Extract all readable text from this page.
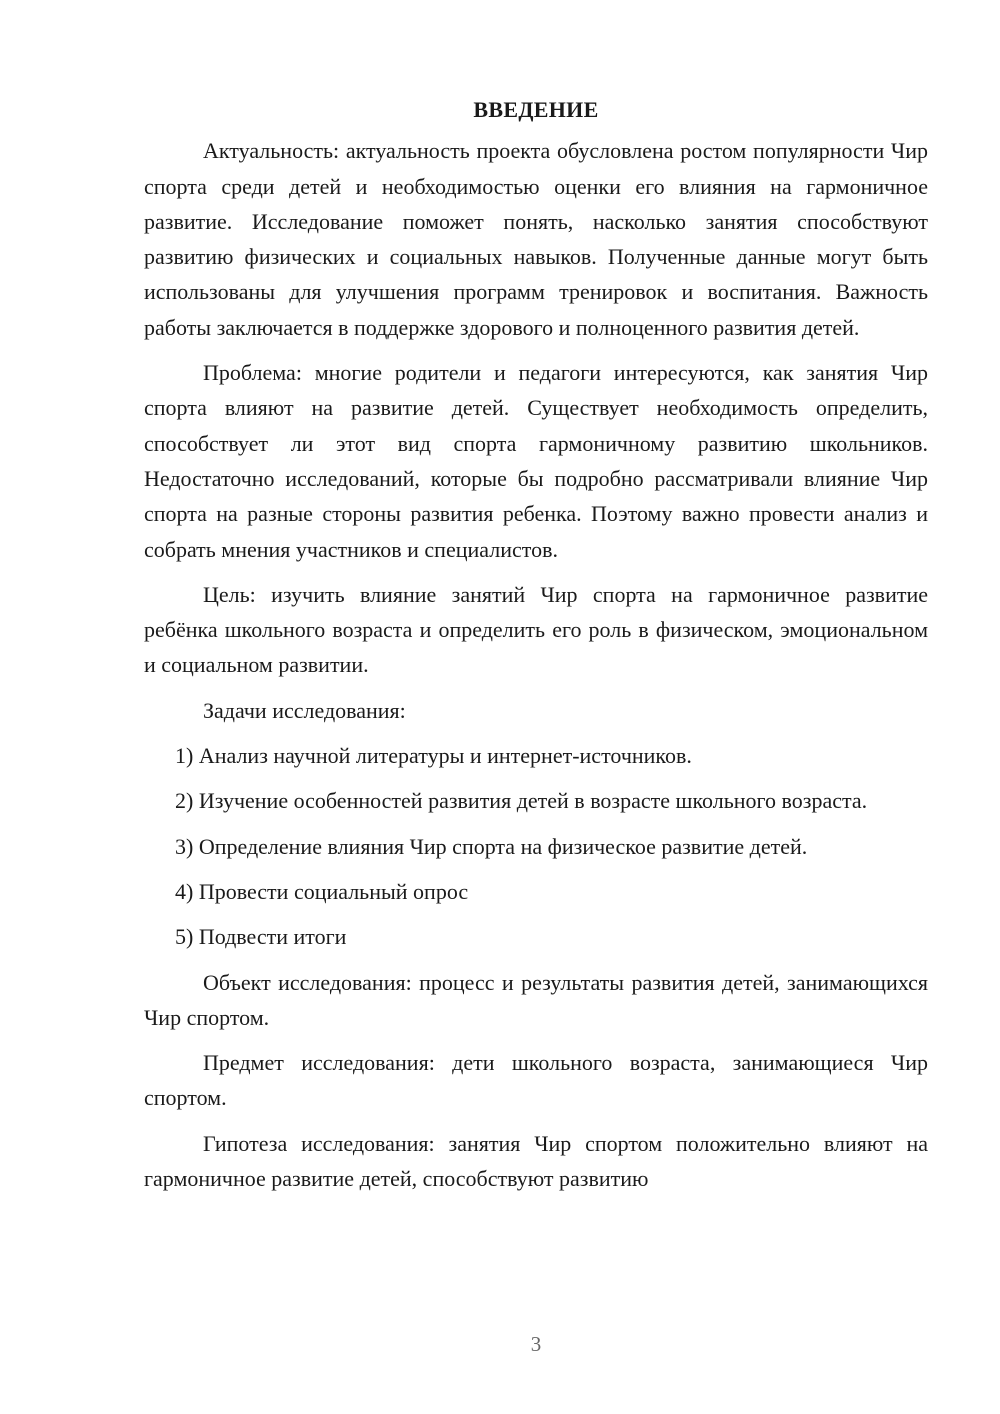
ВВЕДЕНИЕ

Актуальность: актуальность проекта обусловлена ростом популярности Чир спорта среди детей и необходимостью оценки его влияния на гармоничное развитие. Исследование поможет понять, насколько занятия способствуют развитию физических и социальных навыков. Полученные данные могут быть использованы для улучшения программ тренировок и воспитания. Важность работы заключается в поддержке здорового и полноценного развития детей.

Проблема: многие родители и педагоги интересуются, как занятия Чир спорта влияют на развитие детей. Существует необходимость определить, способствует ли этот вид спорта гармоничному развитию школьников. Недостаточно исследований, которые бы подробно рассматривали влияние Чир спорта на разные стороны развития ребенка. Поэтому важно провести анализ и собрать мнения участников и специалистов.

Цель: изучить влияние занятий Чир спорта на гармоничное развитие ребёнка школьного возраста и определить его роль в физическом, эмоциональном и социальном развитии.

Задачи исследования:

1) Анализ научной литературы и интернет-источников.

2) Изучение особенностей развития детей в возрасте школьного возраста.

3) Определение влияния Чир спорта на физическое развитие детей.

4) Провести социальный опрос

5) Подвести итоги

Объект исследования: процесс и результаты развития детей, занимающихся Чир спортом.

Предмет исследования: дети школьного возраста, занимающиеся Чир спортом.

Гипотеза исследования: занятия Чир спортом положительно влияют на гармоничное развитие детей, способствуют развитию

3
